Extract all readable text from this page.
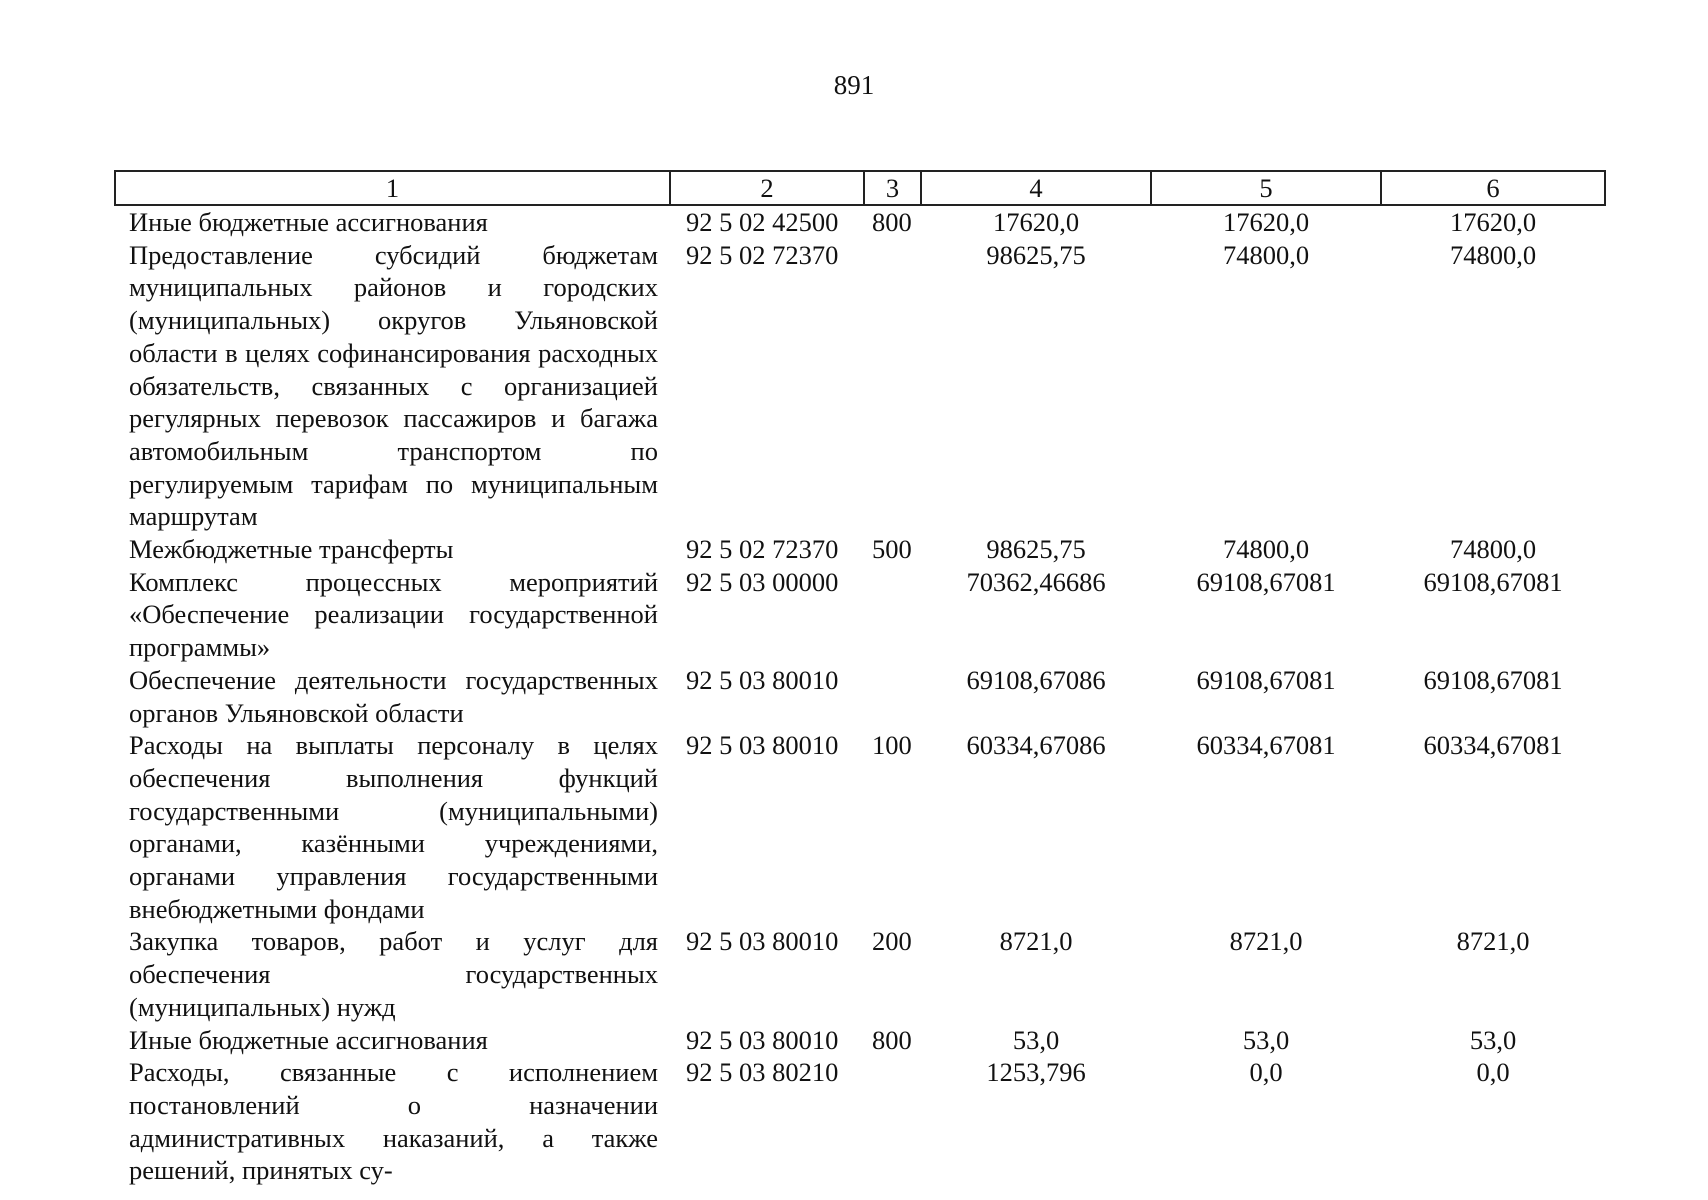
891
1	2	3	4	5	6
Иные бюджетные ассигнования	92 5 02 42500	800	17620,0	17620,0	17620,0
Предоставление субсидий бюджетам муниципальных районов и городских (муниципальных) округов Ульяновской области в целях софинансирования расходных обязательств, связанных с организацией регулярных перевозок пассажиров и багажа автомобильным транспортом по регулируемым тарифам по муниципальным маршрутам	92 5 02 72370		98625,75	74800,0	74800,0
Межбюджетные трансферты	92 5 02 72370	500	98625,75	74800,0	74800,0
Комплекс процессных мероприятий «Обеспечение реализации государственной программы»	92 5 03 00000		70362,46686	69108,67081	69108,67081
Обеспечение деятельности государственных органов Ульяновской области	92 5 03 80010		69108,67086	69108,67081	69108,67081
Расходы на выплаты персоналу в целях обеспечения выполнения функций государственными (муниципальными) органами, казёнными учреждениями, органами управления государственными внебюджетными фондами	92 5 03 80010	100	60334,67086	60334,67081	60334,67081
Закупка товаров, работ и услуг для обеспечения государственных (муниципальных) нужд	92 5 03 80010	200	8721,0	8721,0	8721,0
Иные бюджетные ассигнования	92 5 03 80010	800	53,0	53,0	53,0
Расходы, связанные с исполнением постановлений о назначении административных наказаний, а также решений, принятых су-	92 5 03 80210		1253,796	0,0	0,0
